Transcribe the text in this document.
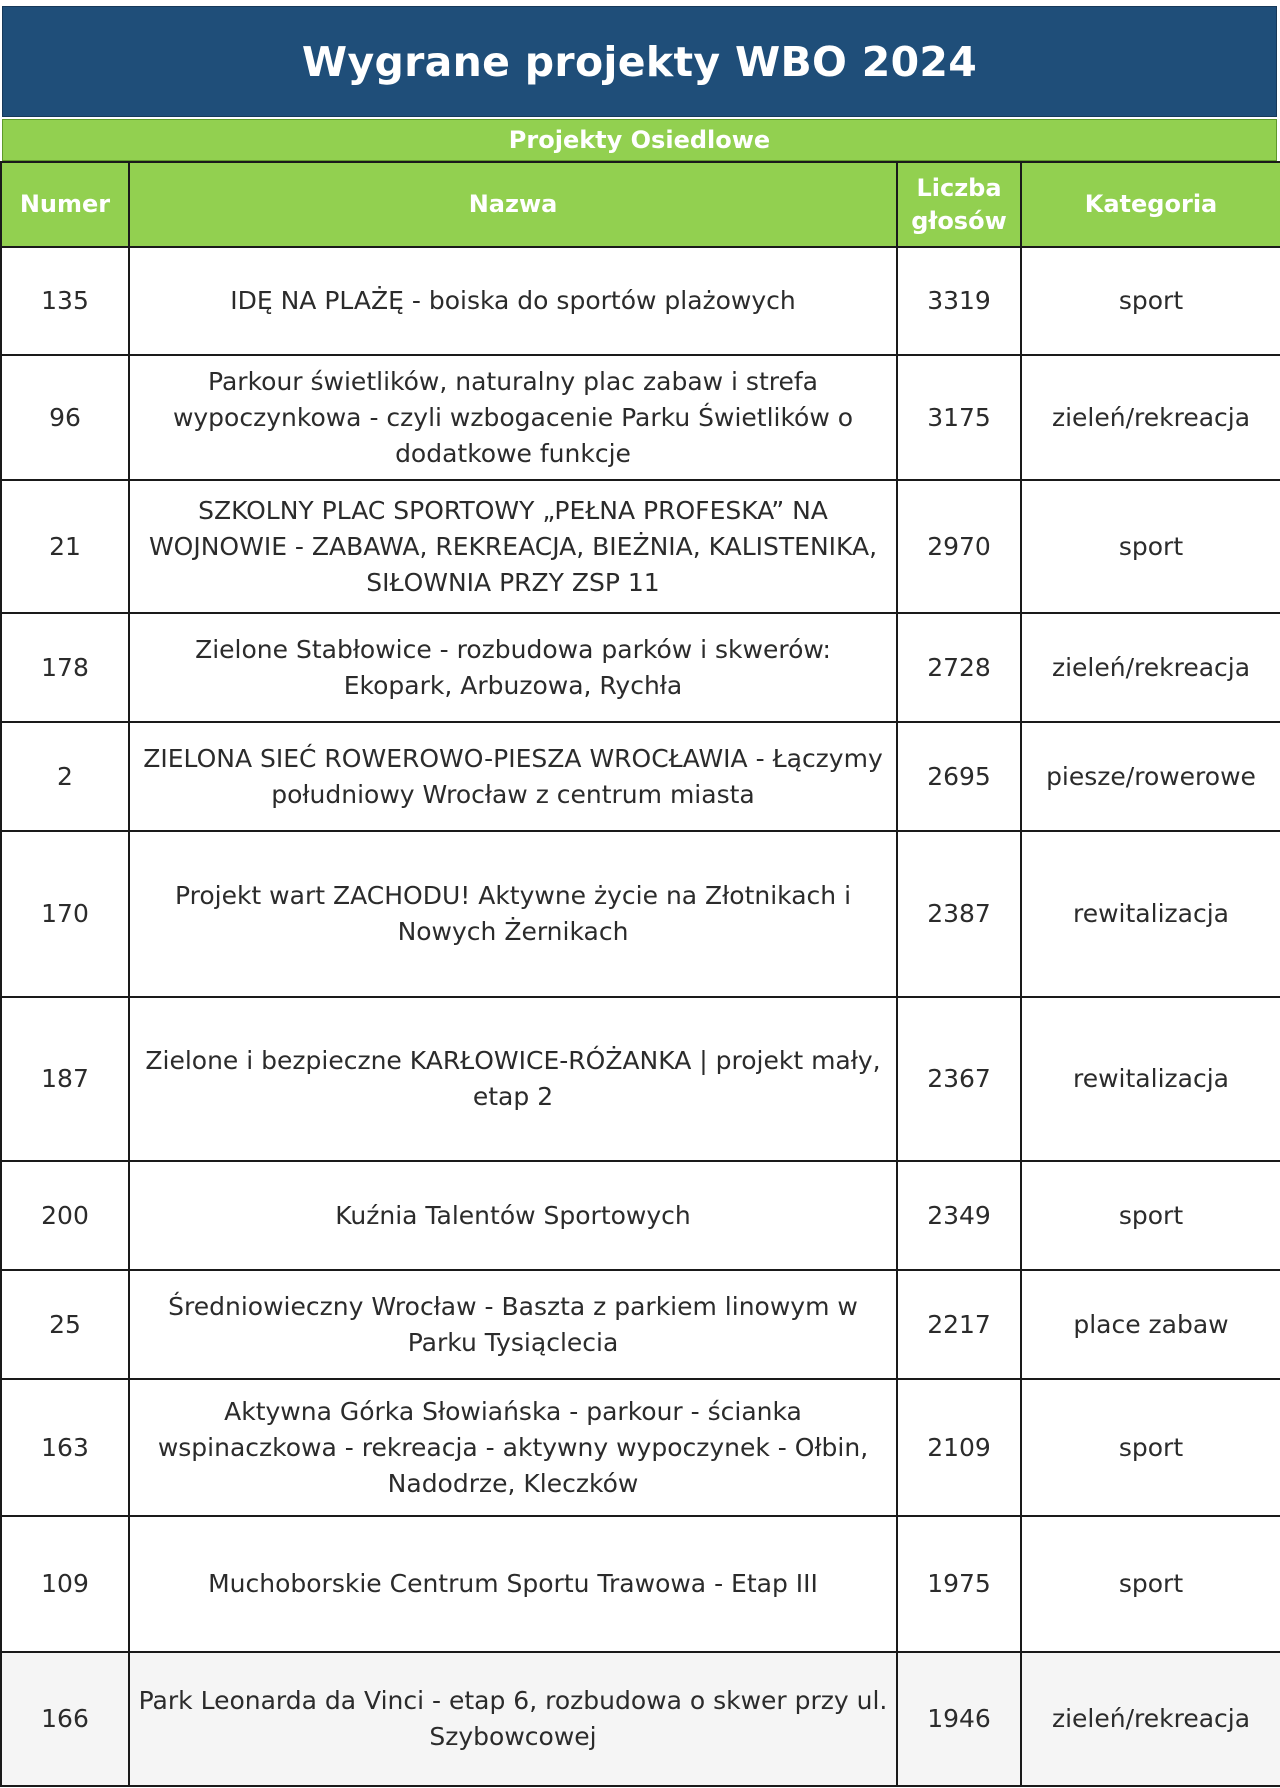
Wygrane projekty WBO 2024
Projekty Osiedlowe
Numer	Nazwa	Liczba głosów	Kategoria
135	IDĘ NA PLAŻĘ - boiska do sportów plażowych	3319	sport
96	Parkour świetlików, naturalny plac zabaw i strefa wypoczynkowa - czyli wzbogacenie Parku Świetlików o dodatkowe funkcje	3175	zieleń/rekreacja
21	SZKOLNY PLAC SPORTOWY „PEŁNA PROFESKA” NA WOJNOWIE - ZABAWA, REKREACJA, BIEŻNIA, KALISTENIKA, SIŁOWNIA PRZY ZSP 11	2970	sport
178	Zielone Stabłowice - rozbudowa parków i skwerów: Ekopark, Arbuzowa, Rychła	2728	zieleń/rekreacja
2	ZIELONA SIEĆ ROWEROWO-PIESZA WROCŁAWIA - Łączymy południowy Wrocław z centrum miasta	2695	piesze/rowerowe
170	Projekt wart ZACHODU! Aktywne życie na Złotnikach i Nowych Żernikach	2387	rewitalizacja
187	Zielone i bezpieczne KARŁOWICE-RÓŻANKA | projekt mały, etap 2	2367	rewitalizacja
200	Kuźnia Talentów Sportowych	2349	sport
25	Średniowieczny Wrocław - Baszta z parkiem linowym w Parku Tysiąclecia	2217	place zabaw
163	Aktywna Górka Słowiańska - parkour - ścianka wspinaczkowa - rekreacja - aktywny wypoczynek - Ołbin, Nadodrze, Kleczków	2109	sport
109	Muchoborskie Centrum Sportu Trawowa - Etap III	1975	sport
166	Park Leonarda da Vinci - etap 6, rozbudowa o skwer przy ul. Szybowcowej	1946	zieleń/rekreacja
